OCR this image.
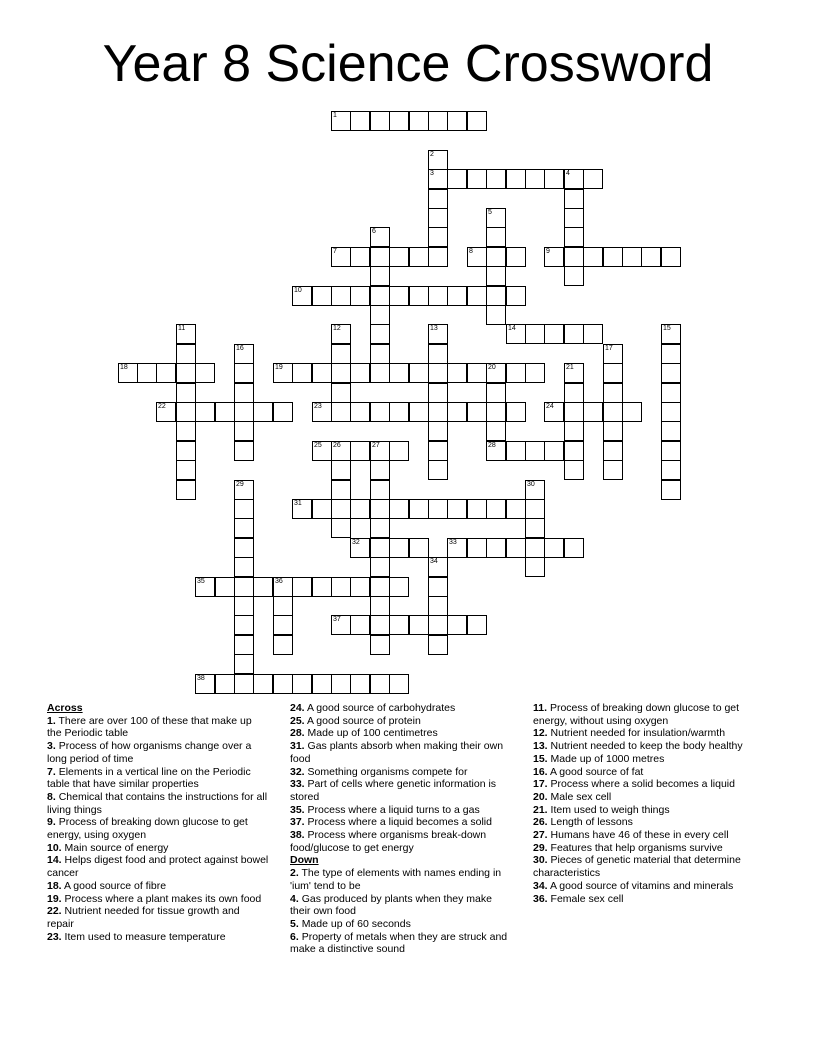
Year 8 Science Crossword
1
2
3	4
5
6
7	8	9
10
11	12	13	14	15
16	17
18	19	20	21
22	23	24
25 26	27	28
29	30
31
32	33
34
35	36
37
38
Across
1. There are over 100 of these that make up the Periodic table
3. Process of how organisms change over a long period of time
7. Elements in a vertical line on the Periodic table that have similar properties
8. Chemical that contains the instructions for all living things
9. Process of breaking down glucose to get energy, using oxygen
10. Main source of energy
14. Helps digest food and protect against bowel cancer
18. A good source of fibre
19. Process where a plant makes its own food
22. Nutrient needed for tissue growth and repair
23. Item used to measure temperature
24. A good source of carbohydrates
25. A good source of protein
28. Made up of 100 centimetres
31. Gas plants absorb when making their own food
32. Something organisms compete for
33. Part of cells where genetic information is stored
35. Process where a liquid turns to a gas
37. Process where a liquid becomes a solid
38. Process where organisms break-down food/glucose to get energy
Down
2. The type of elements with names ending in 'ium' tend to be
4. Gas produced by plants when they make their own food
5. Made up of 60 seconds
6. Property of metals when they are struck and make a distinctive sound
11. Process of breaking down glucose to get energy, without using oxygen
12. Nutrient needed for insulation/warmth
13. Nutrient needed to keep the body healthy
15. Made up of 1000 metres
16. A good source of fat
17. Process where a solid becomes a liquid
20. Male sex cell
21. Item used to weigh things
26. Length of lessons
27. Humans have 46 of these in every cell
29. Features that help organisms survive
30. Pieces of genetic material that determine characteristics
34. A good source of vitamins and minerals
36. Female sex cell
